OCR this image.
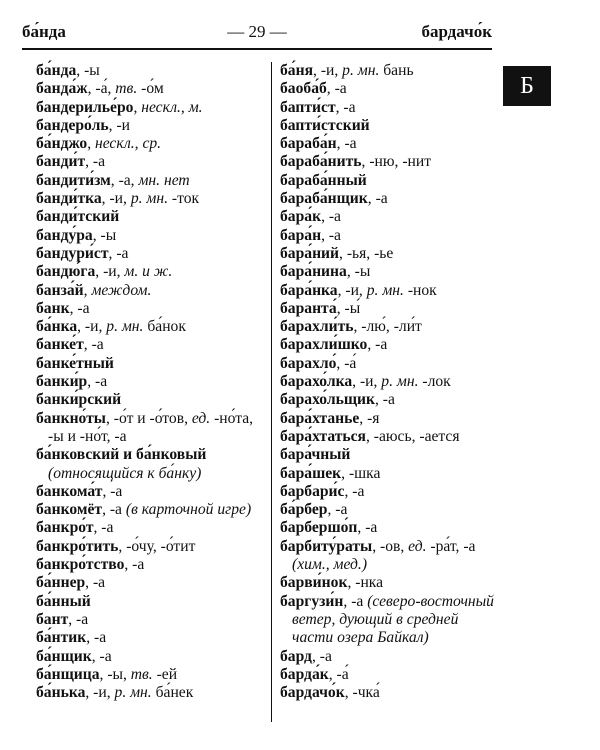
ба́нда	— 29 —	бардачо́к
Б
ба́нда, -ы
банда́ж, -а́, тв. -о́м
бандерилье́ро, нескл., м.
бандеро́ль, -и
ба́нджо, нескл., ср.
банди́т, -а
бандити́зм, -а, мн. нет
банди́тка, -и, р. мн. -ток
банди́тский
банду́ра, -ы
бандури́ст, -а
бандю́га, -и, м. и ж.
банза́й, междом.
банк, -а
ба́нка, -и, р. мн. ба́нок
банке́т, -а
банке́тный
банки́р, -а
банки́рский
банкно́ты, -о́т и -о́тов, ед. -но́та, -ы и -но́т, -а
ба́нковский и ба́нковый (относящийся к ба́нку)
банкома́т, -а
банкомёт, -а (в карточной игре)
банкро́т, -а
банкро́тить, -о́чу, -о́тит
банкро́тство, -а
ба́ннер, -а
ба́нный
бант, -а
ба́нтик, -а
ба́нщик, -а
ба́нщица, -ы, тв. -ей
ба́нька, -и, р. мн. ба́нек
ба́ня, -и, р. мн. бань
баоба́б, -а
бапти́ст, -а
бапти́стский
бараба́н, -а
бараба́нить, -ню, -нит
бараба́нный
бараба́нщик, -а
бара́к, -а
бара́н, -а
бара́ний, -ья, -ье
бара́нина, -ы
бара́нка, -и, р. мн. -нок
баранта́, -ы́
барахли́ть, -лю́, -ли́т
барахли́шко, -а
барахло́, -а́
барахо́лка, -и, р. мн. -лок
барахо́льщик, -а
бара́хтанье, -я
бара́хтаться, -аюсь, -ается
бара́чный
бара́шек, -шка
барбари́с, -а
ба́рбер, -а
барбершо́п, -а
барбиту́раты, -ов, ед. -ра́т, -а (хим., мед.)
барви́нок, -нка
баргузи́н, -а (северо-восточный ветер, дующий в средней части озера Байкал)
бард, -а
барда́к, -а́
бардачо́к, -чка́
